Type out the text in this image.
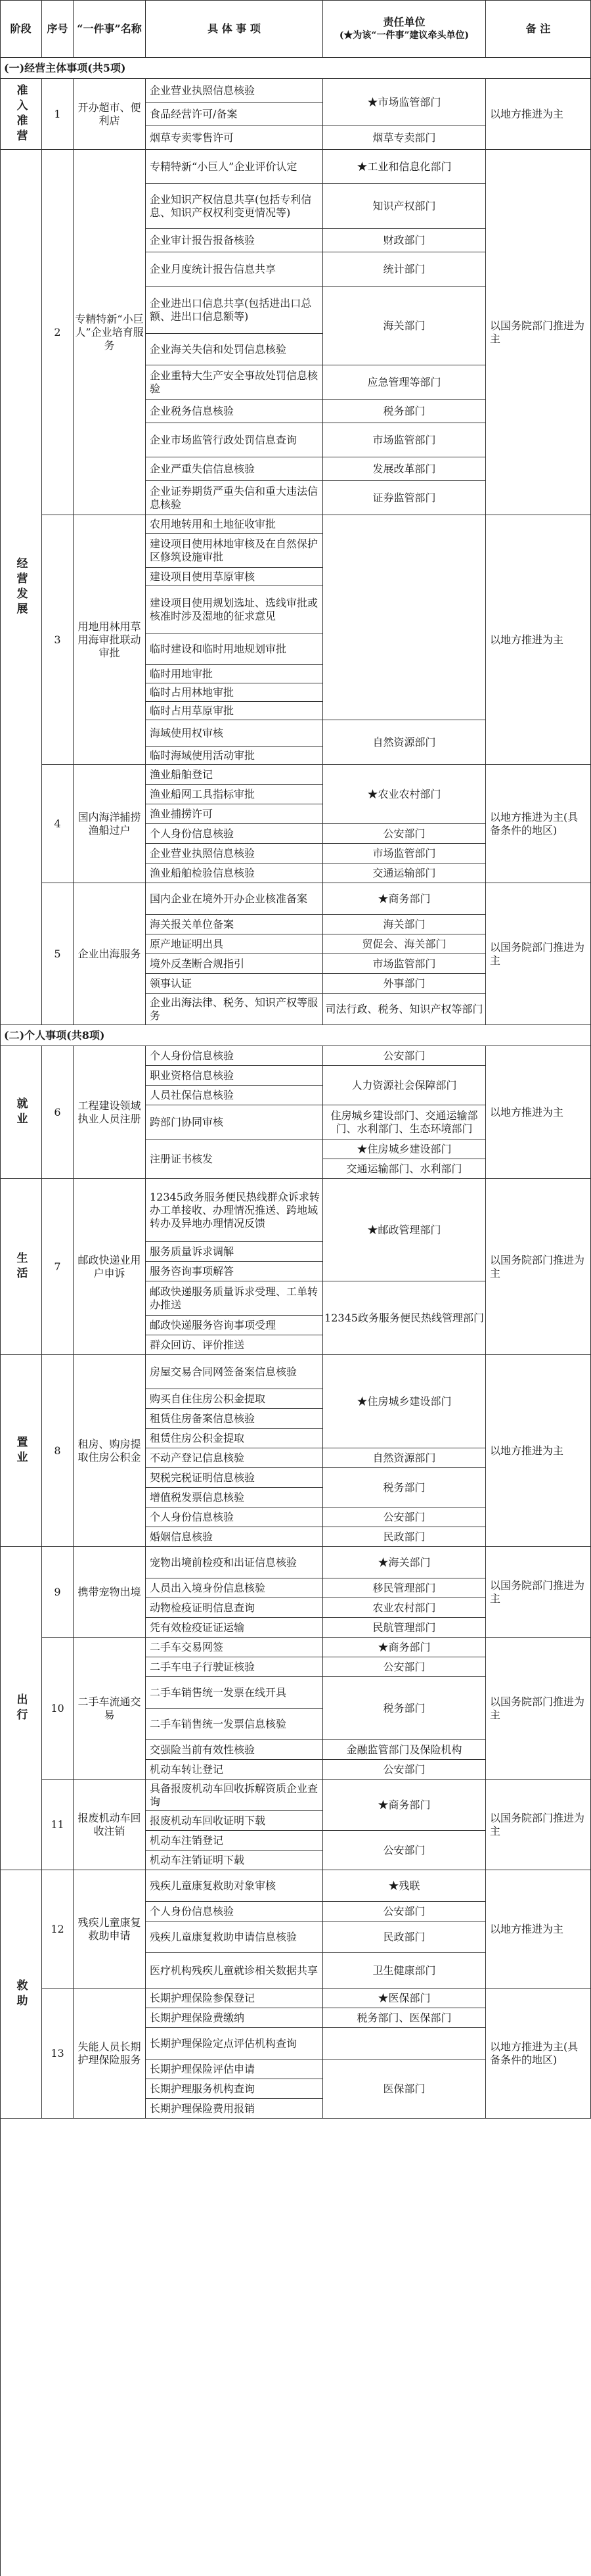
阶段 序号 “一件事”名称	具 体 事 项
责任单位
(★为该“一件事”建议牵头单位)
备 注
(一)经营主体事项(共5项)
1
开办超市、便利店
以地方推进为主
企业营业执照信息核验
食品经营许可/备案
烟草专卖零售许可
★市场监管部门
烟草专卖部门
2
专精特新“小巨人”企业培育服务
以国务院部门推进为主
专精特新“小巨人”企业评价认定
企业知识产权信息共享(包括专利信息、知识产权权利变更情况等)
企业审计报告报备核验
企业月度统计报告信息共享
企业进出口信息共享(包括进出口总额、进出口信息额等)
企业海关失信和处罚信息核验
企业重特大生产安全事故处罚信息核验
企业税务信息核验
企业市场监管行政处罚信息查询
企业严重失信信息核验
企业证券期货严重失信和重大违法信息核验
★工业和信息化部门
知识产权部门
财政部门
统计部门
海关部门
应急管理等部门
税务部门
市场监管部门
发展改革部门
证券监管部门
3
用地用林用草用海审批联动审批
以地方推进为主
农用地转用和土地征收审批
建设项目使用林地审核及在自然保护区修筑设施审批
建设项目使用草原审核
建设项目使用规划选址、选线审批或核准时涉及湿地的征求意见
临时建设和临时用地规划审批
临时用地审批
临时占用林地审批
临时占用草原审批
海域使用权审核
临时海域使用活动审批
自然资源部门
4
国内海洋捕捞渔船过户
以地方推进为主(具备条件的地区)
渔业船舶登记
渔业船网工具指标审批
渔业捕捞许可
个人身份信息核验
企业营业执照信息核验
渔业船舶检验信息核验
★农业农村部门
公安部门
市场监管部门
交通运输部门
5 企业出海服务
以国务院部门推进为主
国内企业在境外开办企业核准备案
海关报关单位备案
原产地证明出具
境外反垄断合规指引
领事认证
企业出海法律、税务、知识产权等服务
★商务部门
海关部门
贸促会、海关部门
市场监管部门
外事部门
司法行政、税务、知识产权等部门
(二)个人事项(共8项)
6
工程建设领域执业人员注册
以地方推进为主
个人身份信息核验
职业资格信息核验
人员社保信息核验
跨部门协同审核
注册证书核发
公安部门
人力资源社会保障部门
住房城乡建设部门、交通运输部门、水利部门、生态环境部门
★住房城乡建设部门
交通运输部门、水利部门
7
邮政快递业用户申诉
以国务院部门推进为主
12345政务服务便民热线群众诉求转办工单接收、办理情况推送、跨地域转办及异地办理情况反馈
服务质量诉求调解
服务咨询事项解答
邮政快递服务质量诉求受理、工单转办推送
邮政快递服务咨询事项受理
群众回访、评价推送
★邮政管理部门
12345政务服务便民热线管理部门
8
租房、购房提取住房公积金
以地方推进为主
房屋交易合同网签备案信息核验
购买自住住房公积金提取
租赁住房备案信息核验
租赁住房公积金提取
不动产登记信息核验
契税完税证明信息核验
增值税发票信息核验
个人身份信息核验
婚姻信息核验
★住房城乡建设部门
自然资源部门
税务部门
公安部门
民政部门
9 携带宠物出境
以国务院部门推进为主
宠物出境前检疫和出证信息核验
人员出入境身份信息核验
动物检疫证明信息查询
凭有效检疫证证运输
★海关部门
移民管理部门
农业农村部门
民航管理部门
10
二手车流通交易
以国务院部门推进为主
二手车交易网签
二手车电子行驶证核验
二手车销售统一发票在线开具
二手车销售统一发票信息核验
交强险当前有效性核验
机动车转让登记
★商务部门
公安部门
税务部门
金融监管部门及保险机构
公安部门
11
报废机动车回收注销
以国务院部门推进为主
具备报废机动车回收拆解资质企业查询
报废机动车回收证明下载
机动车注销登记
机动车注销证明下载
★商务部门
公安部门
12
残疾儿童康复救助申请
以地方推进为主
残疾儿童康复救助对象审核
个人身份信息核验
残疾儿童康复救助申请信息核验
医疗机构残疾儿童就诊相关数据共享
★残联
公安部门
民政部门
卫生健康部门
13
失能人员长期护理保险服务
以地方推进为主(具备条件的地区)
长期护理保险参保登记
长期护理保险费缴纳
长期护理保险定点评估机构查询
长期护理保险评估申请
长期护理服务机构查询
长期护理保险费用报销
★医保部门
税务部门、医保部门
医保部门
准入准营
经营发展
就业
生活
置业
出行
救助
